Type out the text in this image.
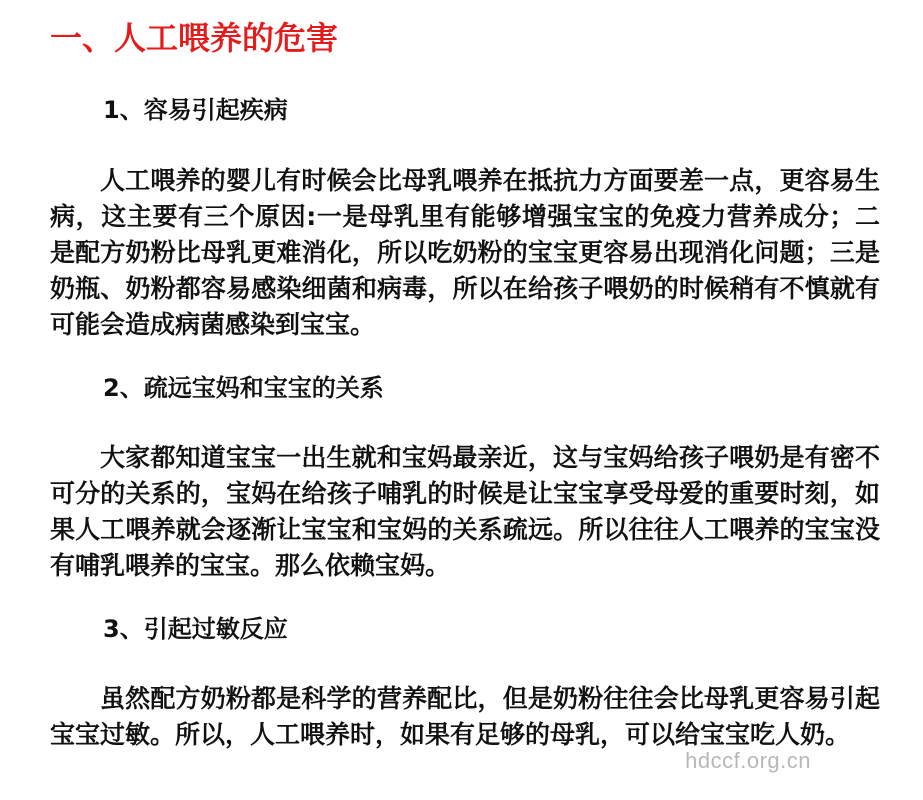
一、人工喂养的危害
1、容易引起疾病
人工喂养的婴儿有时候会比母乳喂养在抵抗力方面要差一点，更容易生病，这主要有三个原因:一是母乳里有能够增强宝宝的免疫力营养成分；二是配方奶粉比母乳更难消化，所以吃奶粉的宝宝更容易出现消化问题；三是奶瓶、奶粉都容易感染细菌和病毒，所以在给孩子喂奶的时候稍有不慎就有可能会造成病菌感染到宝宝。
2、疏远宝妈和宝宝的关系
大家都知道宝宝一出生就和宝妈最亲近，这与宝妈给孩子喂奶是有密不可分的关系的，宝妈在给孩子哺乳的时候是让宝宝享受母爱的重要时刻，如果人工喂养就会逐渐让宝宝和宝妈的关系疏远。所以往往人工喂养的宝宝没有哺乳喂养的宝宝。那么依赖宝妈。
3、引起过敏反应
虽然配方奶粉都是科学的营养配比，但是奶粉往往会比母乳更容易引起宝宝过敏。所以，人工喂养时，如果有足够的母乳，可以给宝宝吃人奶。
hdccf.org.cn
